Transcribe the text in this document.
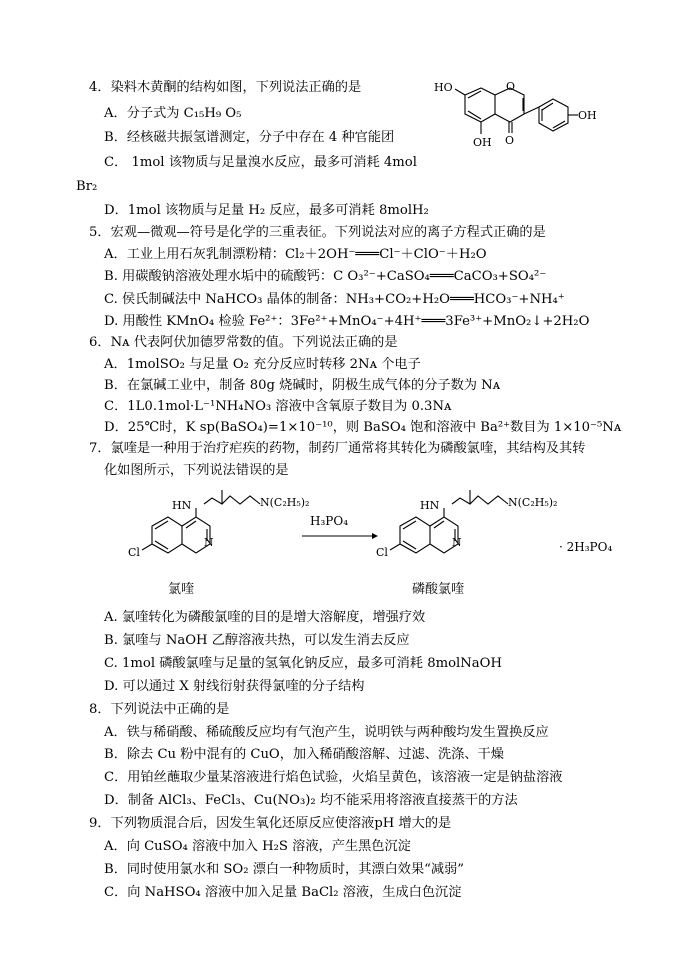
4．染料木黄酮的结构如图，下列说法正确的是
A．分子式为 C₁₅H₉ O₅
B．经核磁共振氢谱测定，分子中存在 4 种官能团
C． 1mol 该物质与足量溴水反应，最多可消耗 4mol
Br₂
D．1mol 该物质与足量 H₂ 反应，最多可消耗 8molH₂
HO	O
O
OH
OH
5．宏观—微观—符号是化学的三重表征。下列说法对应的离子方程式正确的是
A．工业上用石灰乳制漂粉精：Cl₂＋2OH⁻═══Cl⁻＋ClO⁻＋H₂O
B. 用碳酸钠溶液处理水垢中的硫酸钙：C O₃²⁻+CaSO₄═══CaCO₃+SO₄²⁻
C. 侯氏制碱法中 NaHCO₃ 晶体的制备：NH₃+CO₂+H₂O═══HCO₃⁻+NH₄⁺
D. 用酸性 KMnO₄ 检验 Fe²⁺：3Fe²⁺+MnO₄⁻+4H⁺═══3Fe³⁺+MnO₂↓+2H₂O
6．Nᴀ 代表阿伏加德罗常数的值。下列说法正确的是
A．1molSO₂ 与足量 O₂ 充分反应时转移 2Nᴀ 个电子
B．在氯碱工业中，制备 80g 烧碱时，阴极生成气体的分子数为 Nᴀ
C．1L0.1mol·L⁻¹NH₄NO₃ 溶液中含氧原子数目为 0.3Nᴀ
D．25℃时，K sp(BaSO₄)=1×10⁻¹⁰，则 BaSO₄ 饱和溶液中 Ba²⁺数目为 1×10⁻⁵Nᴀ
7．氯喹是一种用于治疗疟疾的药物，制药厂通常将其转化为磷酸氯喹，其结构及其转
化如图所示，下列说法错误的是
HN	N(C₂H₅)₂
Cl
N
H₃PO₄
HN	N(C₂H₅)₂
Cl
N	· 2H₃PO₄
氯喹	磷酸氯喹
A. 氯喹转化为磷酸氯喹的目的是增大溶解度，增强疗效
B. 氯喹与 NaOH 乙醇溶液共热，可以发生消去反应
C. 1mol 磷酸氯喹与足量的氢氧化钠反应，最多可消耗 8molNaOH
D. 可以通过 X 射线衍射获得氯喹的分子结构
8．下列说法中正确的是
A．铁与稀硝酸、稀硫酸反应均有气泡产生，说明铁与两种酸均发生置换反应
B．除去 Cu 粉中混有的 CuO，加入稀硝酸溶解、过滤、洗涤、干燥
C．用铂丝蘸取少量某溶液进行焰色试验，火焰呈黄色，该溶液一定是钠盐溶液
D．制备 AlCl₃、FeCl₃、Cu(NO₃)₂ 均不能采用将溶液直接蒸干的方法
9．下列物质混合后，因发生氧化还原反应使溶液pH 增大的是
A．向 CuSO₄ 溶液中加入 H₂S 溶液，产生黑色沉淀
B．同时使用氯水和 SO₂ 漂白一种物质时，其漂白效果“减弱”
C．向 NaHSO₄ 溶液中加入足量 BaCl₂ 溶液，生成白色沉淀
